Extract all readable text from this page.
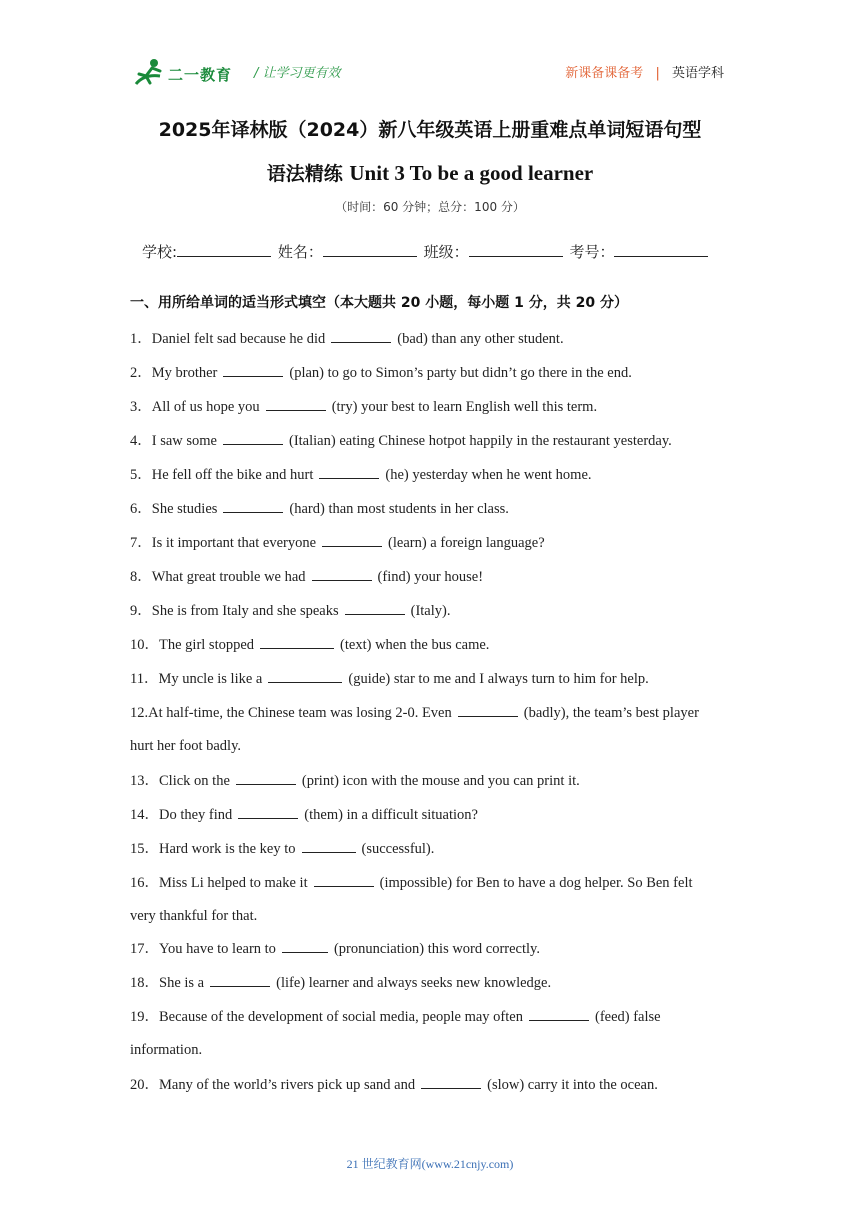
二一教育 / 让学习更有效	新课备课备考 | 英语学科
2025年译林版（2024）新八年级英语上册重难点单词短语句型
语法精练 Unit 3 To be a good learner
（时间：60 分钟；总分：100 分）
学校:	姓名：	班级：	考号：
一、用所给单词的适当形式填空（本大题共 20 小题，每小题 1 分，共 20 分）
1．Daniel felt sad because he did	(bad) than any other student.
2．My brother	(plan) to go to Simon’s party but didn’t go there in the end.
3．All of us hope you	(try) your best to learn English well this term.
4．I saw some	(Italian) eating Chinese hotpot happily in the restaurant yesterday.
5．He fell off the bike and hurt	(he) yesterday when he went home.
6．She studies	(hard) than most students in her class.
7．Is it important that everyone	(learn) a foreign language?
8．What great trouble we had	(find) your house!
9．She is from Italy and she speaks	(Italy).
10．The girl stopped	(text) when the bus came.
11．My uncle is like a	(guide) star to me and I always turn to him for help.
12.At half-time, the Chinese team was losing 2-0. Even	(badly), the team’s best player
hurt her foot badly.
13．Click on the	(print) icon with the mouse and you can print it.
14．Do they find	(them) in a difficult situation?
15．Hard work is the key to	(successful).
16．Miss Li helped to make it	(impossible) for Ben to have a dog helper. So Ben felt
very thankful for that.
17．You have to learn to	(pronunciation) this word correctly.
18．She is a	(life) learner and always seeks new knowledge.
19．Because of the development of social media, people may often	(feed) false
information.
20．Many of the world’s rivers pick up sand and	(slow) carry it into the ocean.
21 世纪教育网(www.21cnjy.com)
